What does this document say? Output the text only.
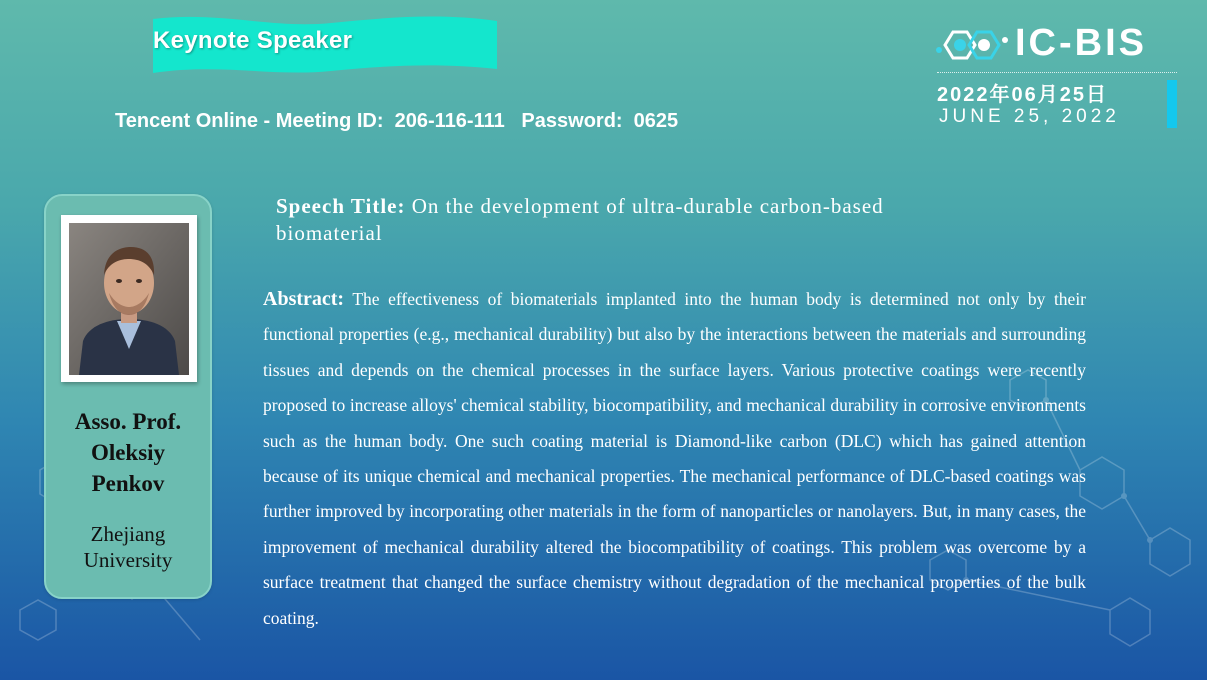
Keynote Speaker
Tencent Online - Meeting ID:  206-116-111   Password:  0625
IC-BIS
2022年06月25日
JUNE 25, 2022
Asso. Prof.
Oleksiy
Penkov
Zhejiang
University
Speech Title: On the development of ultra-durable carbon-based biomaterial
Abstract: The effectiveness of biomaterials implanted into the human body is determined not only by their functional properties (e.g., mechanical durability) but also by the interactions between the materials and surrounding tissues and depends on the chemical processes in the surface layers. Various protective coatings were recently proposed to increase alloys' chemical stability, biocompatibility, and mechanical durability in corrosive environments such as the human body. One such coating material is Diamond-like carbon (DLC) which has gained attention because of its unique chemical and mechanical properties. The mechanical performance of DLC-based coatings was further improved by incorporating other materials in the form of nanoparticles or nanolayers. But, in many cases, the improvement of mechanical durability altered the biocompatibility of coatings. This problem was overcome by a surface treatment that changed the surface chemistry without degradation of the mechanical properties of the bulk coating.
